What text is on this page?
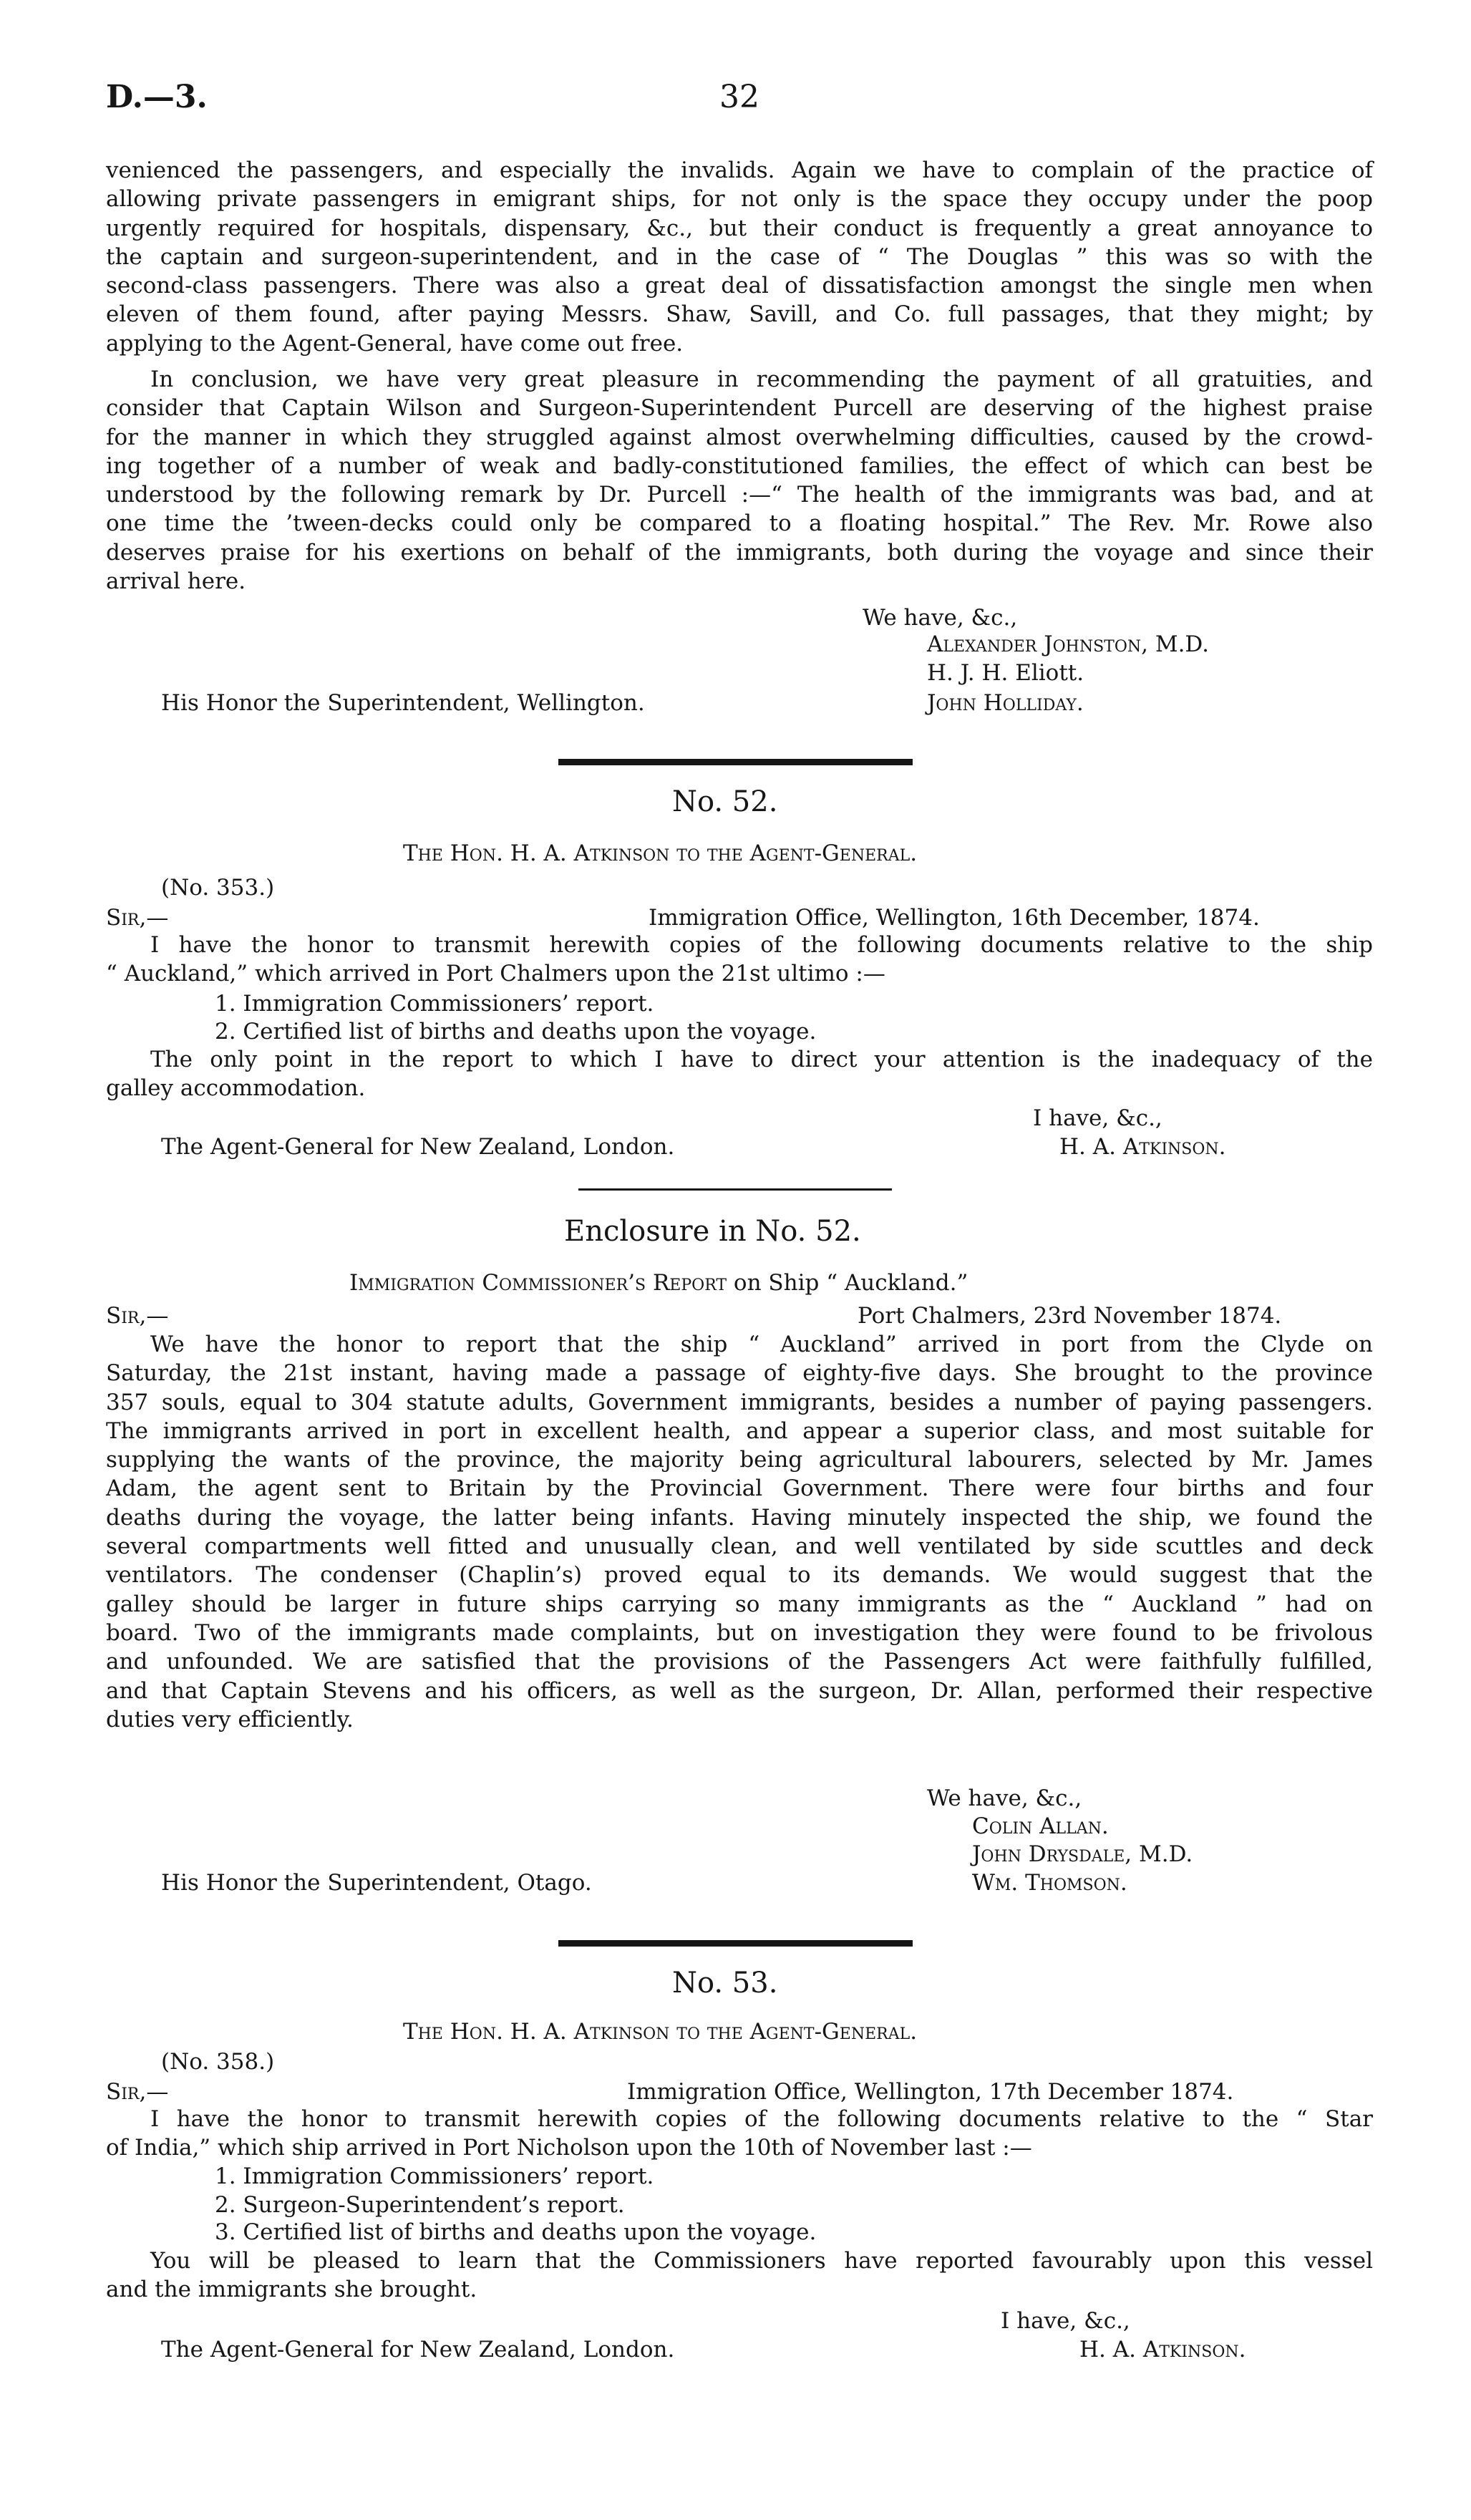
D.—3.	32
venienced the passengers, and especially the invalids. Again we have to complain of the practice of
allowing private passengers in emigrant ships, for not only is the space they occupy under the poop
urgently required for hospitals, dispensary, &c., but their conduct is frequently a great annoyance to
the captain and surgeon-superintendent, and in the case of “ The Douglas ” this was so with the
second-class passengers. There was also a great deal of dissatisfaction amongst the single men when
eleven of them found, after paying Messrs. Shaw, Savill, and Co. full passages, that they might; by
applying to the Agent-General, have come out free.
In conclusion, we have very great pleasure in recommending the payment of all gratuities, and
consider that Captain Wilson and Surgeon-Superintendent Purcell are deserving of the highest praise
for the manner in which they struggled against almost overwhelming difficulties, caused by the crowd-
ing together of a number of weak and badly-constitutioned families, the effect of which can best be
understood by the following remark by Dr. Purcell :—“ The health of the immigrants was bad, and at
one time the ’tween-decks could only be compared to a floating hospital.” The Rev. Mr. Rowe also
deserves praise for his exertions on behalf of the immigrants, both during the voyage and since their
arrival here.
We have, &c.,
Alexander Johnston, M.D.
H. J. H. Eliott.
John Holliday.
His Honor the Superintendent, Wellington.
No. 52.
The Hon. H. A. Atkinson to the Agent-General.
(No. 353.)
Sir,—	Immigration Office, Wellington, 16th December, 1874.
I have the honor to transmit herewith copies of the following documents relative to the ship
“ Auckland,” which arrived in Port Chalmers upon the 21st ultimo :—
1. Immigration Commissioners’ report.
2. Certified list of births and deaths upon the voyage.
The only point in the report to which I have to direct your attention is the inadequacy of the
galley accommodation.
I have, &c.,
The Agent-General for New Zealand, London.	H. A. Atkinson.
Enclosure in No. 52.
Immigration Commissioner’s Report on Ship “ Auckland.”
Sir,—	Port Chalmers, 23rd November 1874.
We have the honor to report that the ship “ Auckland” arrived in port from the Clyde on
Saturday, the 21st instant, having made a passage of eighty-five days. She brought to the province
357 souls, equal to 304 statute adults, Government immigrants, besides a number of paying passengers.
The immigrants arrived in port in excellent health, and appear a superior class, and most suitable for
supplying the wants of the province, the majority being agricultural labourers, selected by Mr. James
Adam, the agent sent to Britain by the Provincial Government. There were four births and four
deaths during the voyage, the latter being infants. Having minutely inspected the ship, we found the
several compartments well fitted and unusually clean, and well ventilated by side scuttles and deck
ventilators. The condenser (Chaplin’s) proved equal to its demands. We would suggest that the
galley should be larger in future ships carrying so many immigrants as the “ Auckland ” had on
board. Two of the immigrants made complaints, but on investigation they were found to be frivolous
and unfounded. We are satisfied that the provisions of the Passengers Act were faithfully fulfilled,
and that Captain Stevens and his officers, as well as the surgeon, Dr. Allan, performed their respective
duties very efficiently.
We have, &c.,
Colin Allan.
John Drysdale, M.D.
Wm. Thomson.
His Honor the Superintendent, Otago.
No. 53.
The Hon. H. A. Atkinson to the Agent-General.
(No. 358.)
Sir,—	Immigration Office, Wellington, 17th December 1874.
I have the honor to transmit herewith copies of the following documents relative to the “ Star
of India,” which ship arrived in Port Nicholson upon the 10th of November last :—
1. Immigration Commissioners’ report.
2. Surgeon-Superintendent’s report.
3. Certified list of births and deaths upon the voyage.
You will be pleased to learn that the Commissioners have reported favourably upon this vessel
and the immigrants she brought.
I have, &c.,
The Agent-General for New Zealand, London.	H. A. Atkinson.
